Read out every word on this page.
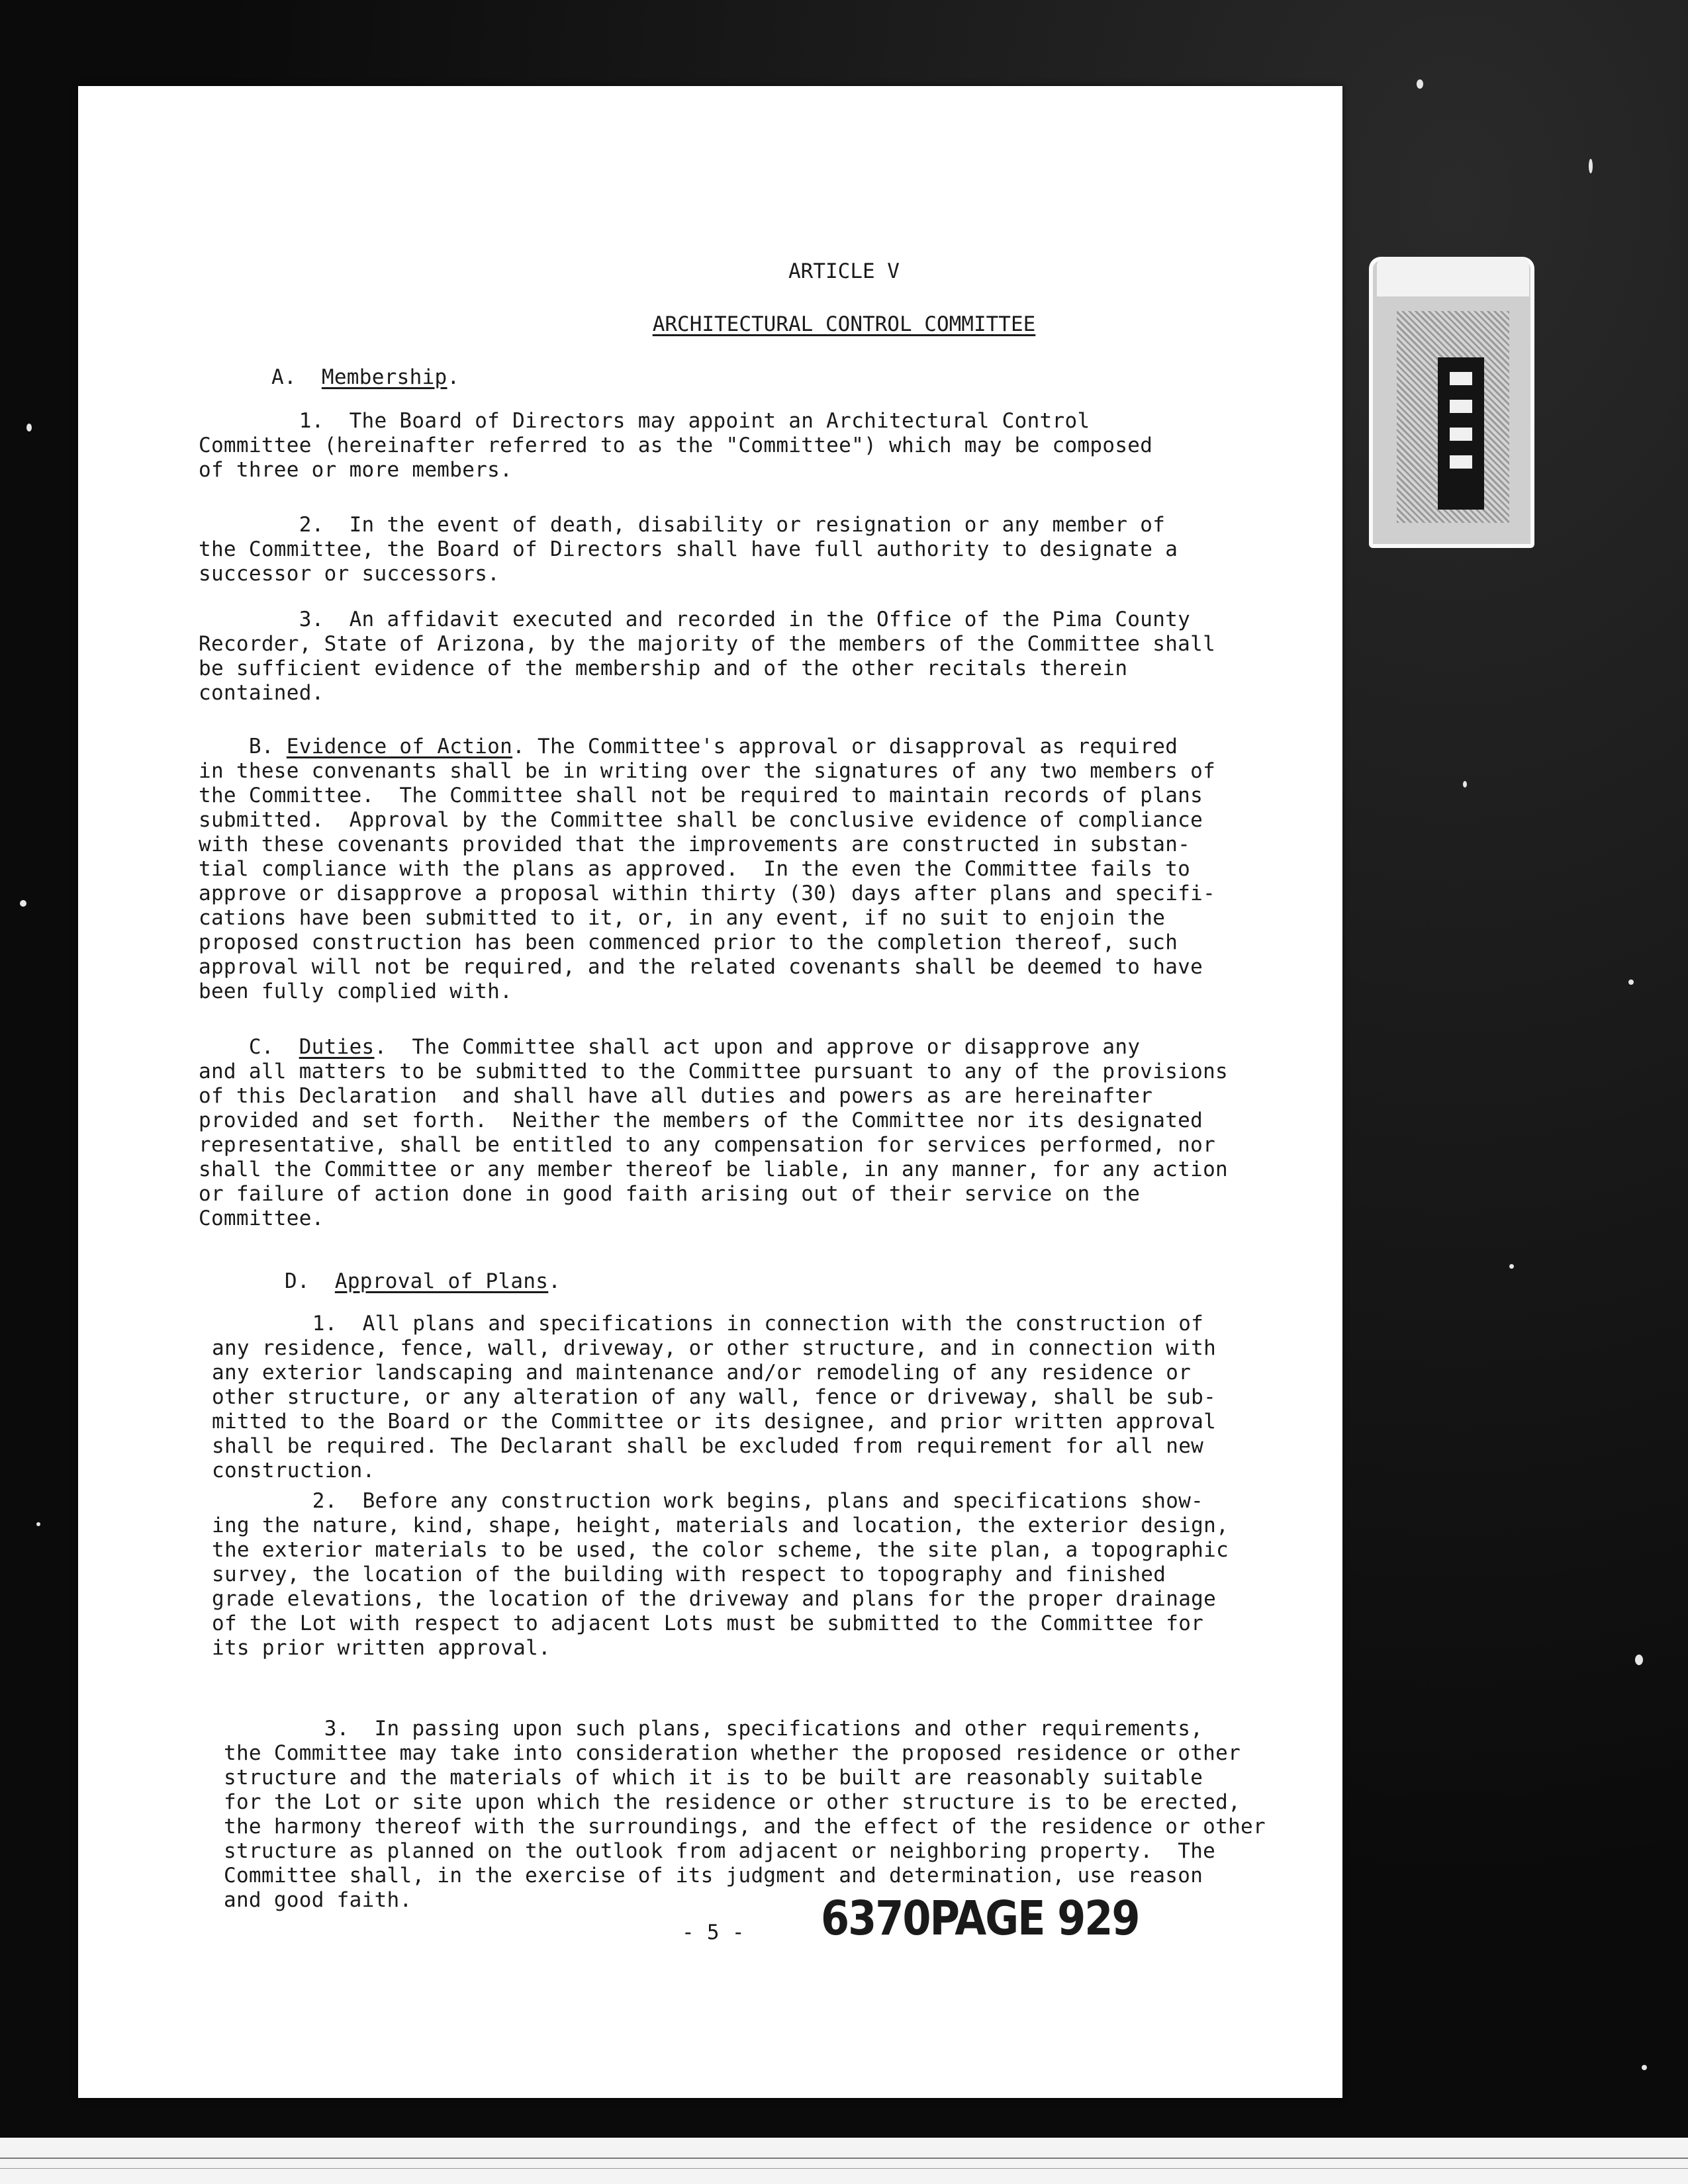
ARTICLE V
ARCHITECTURAL CONTROL COMMITTEE
A. Membership.
1.  The Board of Directors may appoint an Architectural Control
Committee (hereinafter referred to as the "Committee") which may be composed
of three or more members.
2.  In the event of death, disability or resignation or any member of
the Committee, the Board of Directors shall have full authority to designate a
successor or successors.
3.  An affidavit executed and recorded in the Office of the Pima County
Recorder, State of Arizona, by the majority of the members of the Committee shall
be sufficient evidence of the membership and of the other recitals therein
contained.
B. Evidence of Action. The Committee's approval or disapproval as required
in these convenants shall be in writing over the signatures of any two members of
the Committee.  The Committee shall not be required to maintain records of plans
submitted.  Approval by the Committee shall be conclusive evidence of compliance
with these covenants provided that the improvements are constructed in substan-
tial compliance with the plans as approved.  In the even the Committee fails to
approve or disapprove a proposal within thirty (30) days after plans and specifi-
cations have been submitted to it, or, in any event, if no suit to enjoin the
proposed construction has been commenced prior to the completion thereof, such
approval will not be required, and the related covenants shall be deemed to have
been fully complied with.
C.  Duties.  The Committee shall act upon and approve or disapprove any
and all matters to be submitted to the Committee pursuant to any of the provisions
of this Declaration  and shall have all duties and powers as are hereinafter
provided and set forth.  Neither the members of the Committee nor its designated
representative, shall be entitled to any compensation for services performed, nor
shall the Committee or any member thereof be liable, in any manner, for any action
or failure of action done in good faith arising out of their service on the
Committee.
D. Approval of Plans.
1.  All plans and specifications in connection with the construction of
any residence, fence, wall, driveway, or other structure, and in connection with
any exterior landscaping and maintenance and/or remodeling of any residence or
other structure, or any alteration of any wall, fence or driveway, shall be sub-
mitted to the Board or the Committee or its designee, and prior written approval
shall be required. The Declarant shall be excluded from requirement for all new
construction.
2.  Before any construction work begins, plans and specifications show-
ing the nature, kind, shape, height, materials and location, the exterior design,
the exterior materials to be used, the color scheme, the site plan, a topographic
survey, the location of the building with respect to topography and finished
grade elevations, the location of the driveway and plans for the proper drainage
of the Lot with respect to adjacent Lots must be submitted to the Committee for
its prior written approval.
3.  In passing upon such plans, specifications and other requirements,
the Committee may take into consideration whether the proposed residence or other
structure and the materials of which it is to be built are reasonably suitable
for the Lot or site upon which the residence or other structure is to be erected,
the harmony thereof with the surroundings, and the effect of the residence or other
structure as planned on the outlook from adjacent or neighboring property.  The
Committee shall, in the exercise of its judgment and determination, use reason
and good faith.
- 5 - 6370PAGE 929
